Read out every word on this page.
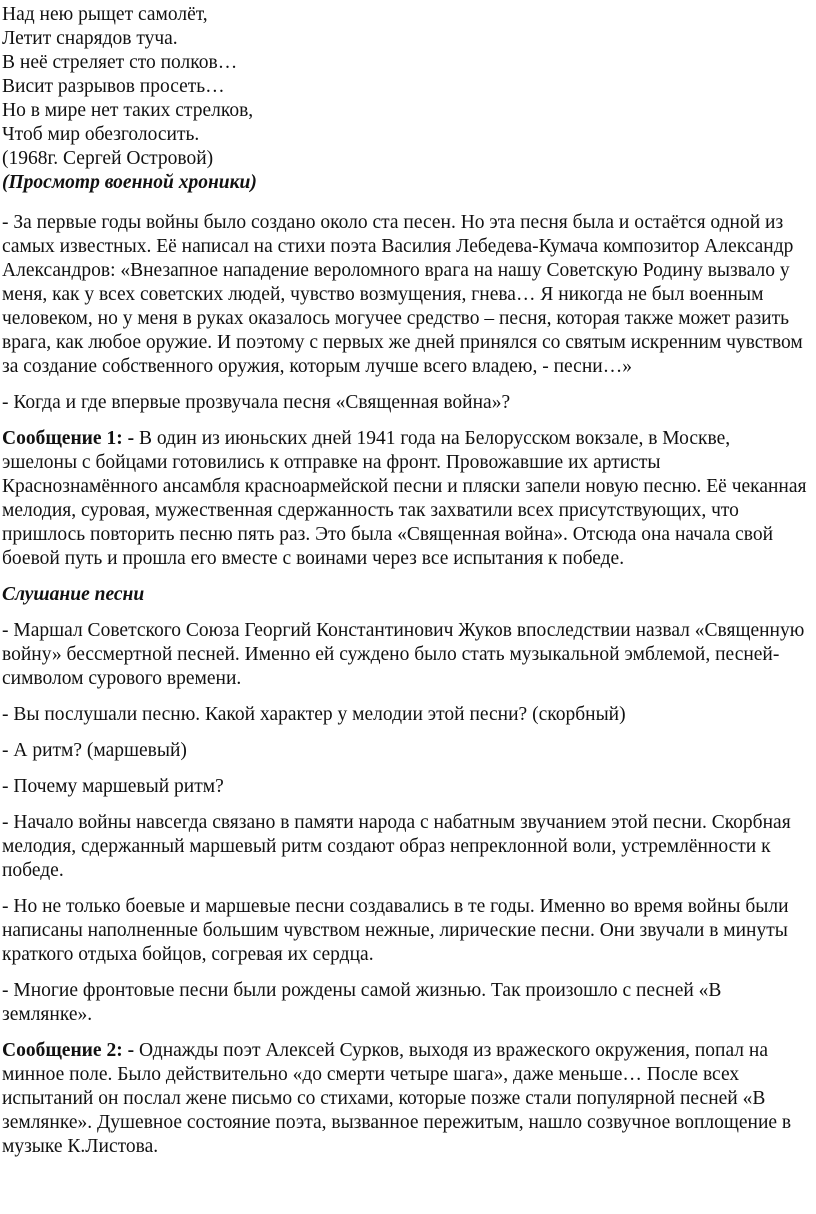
Над нею рыщет самолёт,
Летит снарядов туча.
В неё стреляет сто полков…
Висит разрывов просеть…
Но в мире нет таких стрелков,
Чтоб мир обезголосить.
(1968г. Сергей Островой)
(Просмотр военной хроники)

- За первые годы войны было создано около ста песен. Но эта песня была и остаётся одной из самых известных. Её написал на стихи поэта Василия Лебедева-Кумача композитор Александр Александров: «Внезапное нападение вероломного врага на нашу Советскую Родину вызвало у меня, как у всех советских людей, чувство возмущения, гнева… Я никогда не был военным человеком, но у меня в руках оказалось могучее средство – песня, которая также может разить врага, как любое оружие. И поэтому с первых же дней принялся со святым искренним чувством за создание собственного оружия, которым лучше всего владею, - песни…»

- Когда и где впервые прозвучала песня «Священная война»?

Сообщение 1: - В один из июньских дней 1941 года на Белорусском вокзале, в Москве, эшелоны с бойцами готовились к отправке на фронт. Провожавшие их артисты Краснознамённого ансамбля красноармейской песни и пляски запели новую песню. Её чеканная мелодия, суровая, мужественная сдержанность так захватили всех присутствующих, что пришлось повторить песню пять раз. Это была «Священная война». Отсюда она начала свой боевой путь и прошла его вместе с воинами через все испытания к победе.

Слушание песни

- Маршал Советского Союза Георгий Константинович Жуков впоследствии назвал «Священную войну» бессмертной песней. Именно ей суждено было стать музыкальной эмблемой, песней-символом сурового времени.

- Вы послушали песню. Какой характер у мелодии этой песни? (скорбный)

- А ритм? (маршевый)

- Почему маршевый ритм?

- Начало войны навсегда связано в памяти народа с набатным звучанием этой песни. Скорбная мелодия, сдержанный маршевый ритм создают образ непреклонной воли, устремлённости к победе.

- Но не только боевые и маршевые песни создавались в те годы. Именно во время войны были написаны наполненные большим чувством нежные, лирические песни. Они звучали в минуты краткого отдыха бойцов, согревая их сердца.

- Многие фронтовые песни были рождены самой жизнью. Так произошло с песней «В землянке».

Сообщение 2: - Однажды поэт Алексей Сурков, выходя из вражеского окружения, попал на минное поле. Было действительно «до смерти четыре шага», даже меньше… После всех испытаний он послал жене письмо со стихами, которые позже стали популярной песней «В землянке». Душевное состояние поэта, вызванное пережитым, нашло созвучное воплощение в музыке К.Листова.
